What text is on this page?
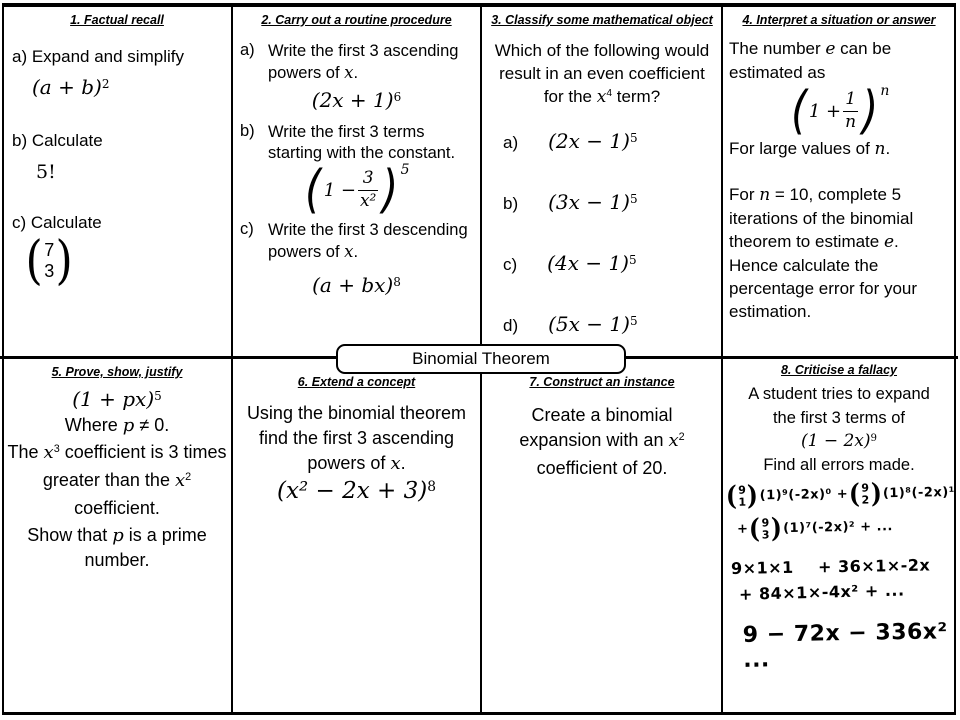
Binomial Theorem
1. Factual recall
a) Expand and simplify
$(a + b)^2$
b) Calculate
5!
c) Calculate
( 7
3 )
2. Carry out a routine procedure
a) Write the first 3 ascending powers of x.
$(2x + 1)^6$
b) Write the first 3 terms starting with the constant.
( $1 - \frac{3}{\text{x²}}$ ) 5
c) Write the first 3 descending powers of x.
(a + bx)$^8$
3. Classify some mathematical object
Which of the following would result in an even coefficient for the $x^4$ term?
a) $(2x - 1)^5$
b) $(3x - 1)^5$
c) $(4x - 1)^5$
d) $(5x - 1)^5$
4. Interpret a situation or answer
The number e can be estimated as
( $1 + \frac{1}{n}$ ) n
For large values of n.
For n = 10, complete 5 iterations of the binomial theorem to estimate e. Hence calculate the percentage error for your estimation.
5. Prove, show, justify
(1 + px)$^5$
Where p ≠ 0.
The $x^3$ coefficient is 3 times greater than the $x^2$ coefficient.
Show that p is a prime number.
6. Extend a concept
Using the binomial theorem find the first 3 ascending powers of x.
$(x^2 - 2x + 3)^8$
7. Construct an instance
Create a binomial expansion with an $x^2$ coefficient of 20.
8. Criticise a fallacy
A student tries to expand
the first 3 terms of
$(1 - 2x)^9$
Find all errors made.
( 9
1 ) (1)⁹(-2x)⁰ + ( 9
2 ) (1)⁸(-2x)¹
+ ( 9
3 ) (1)⁷(-2x)² + ...
9×1×1    + 36×1×-2x
+ 84×1×-4x² + ...
9 − 72x − 336x² ...
